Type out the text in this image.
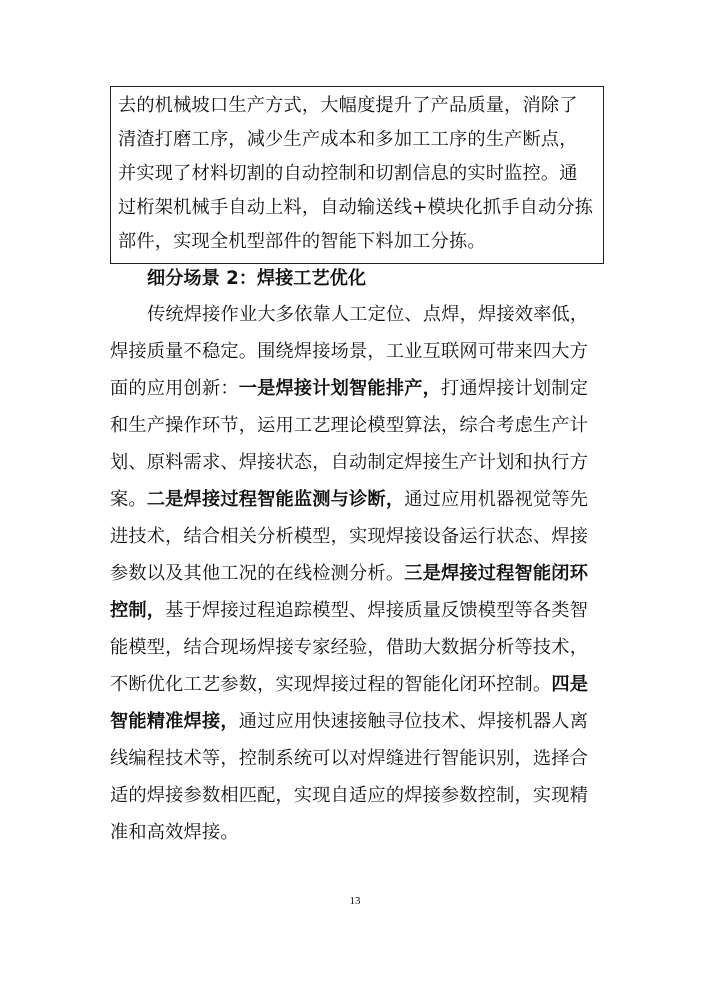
去的机械坡口生产方式，大幅度提升了产品质量，消除了
清渣打磨工序，减少生产成本和多加工工序的生产断点，
并实现了材料切割的自动控制和切割信息的实时监控。通
过桁架机械手自动上料，自动输送线+模块化抓手自动分拣
部件，实现全机型部件的智能下料加工分拣。
细分场景 2：焊接工艺优化
传统焊接作业大多依靠人工定位、点焊，焊接效率低，
焊接质量不稳定。围绕焊接场景，工业互联网可带来四大方
面的应用创新：一是焊接计划智能排产，打通焊接计划制定
和生产操作环节，运用工艺理论模型算法，综合考虑生产计
划、原料需求、焊接状态，自动制定焊接生产计划和执行方
案。二是焊接过程智能监测与诊断，通过应用机器视觉等先
进技术，结合相关分析模型，实现焊接设备运行状态、焊接
参数以及其他工况的在线检测分析。三是焊接过程智能闭环
控制，基于焊接过程追踪模型、焊接质量反馈模型等各类智
能模型，结合现场焊接专家经验，借助大数据分析等技术，
不断优化工艺参数，实现焊接过程的智能化闭环控制。四是
智能精准焊接，通过应用快速接触寻位技术、焊接机器人离
线编程技术等，控制系统可以对焊缝进行智能识别，选择合
适的焊接参数相匹配，实现自适应的焊接参数控制，实现精
准和高效焊接。
13
